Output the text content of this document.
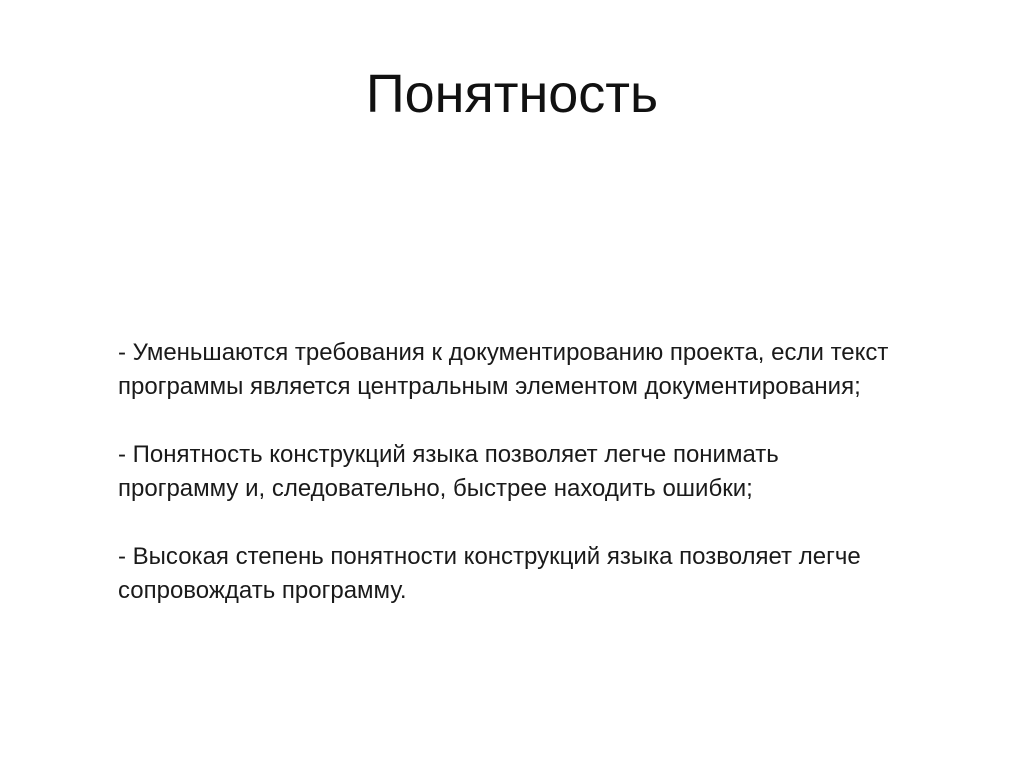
Понятность

- Уменьшаются требования к документированию проекта, если текст
программы является центральным элементом документирования;

- Понятность конструкций языка позволяет легче понимать
программу и, следовательно, быстрее находить ошибки;

- Высокая степень понятности конструкций языка позволяет легче
сопровождать программу.
